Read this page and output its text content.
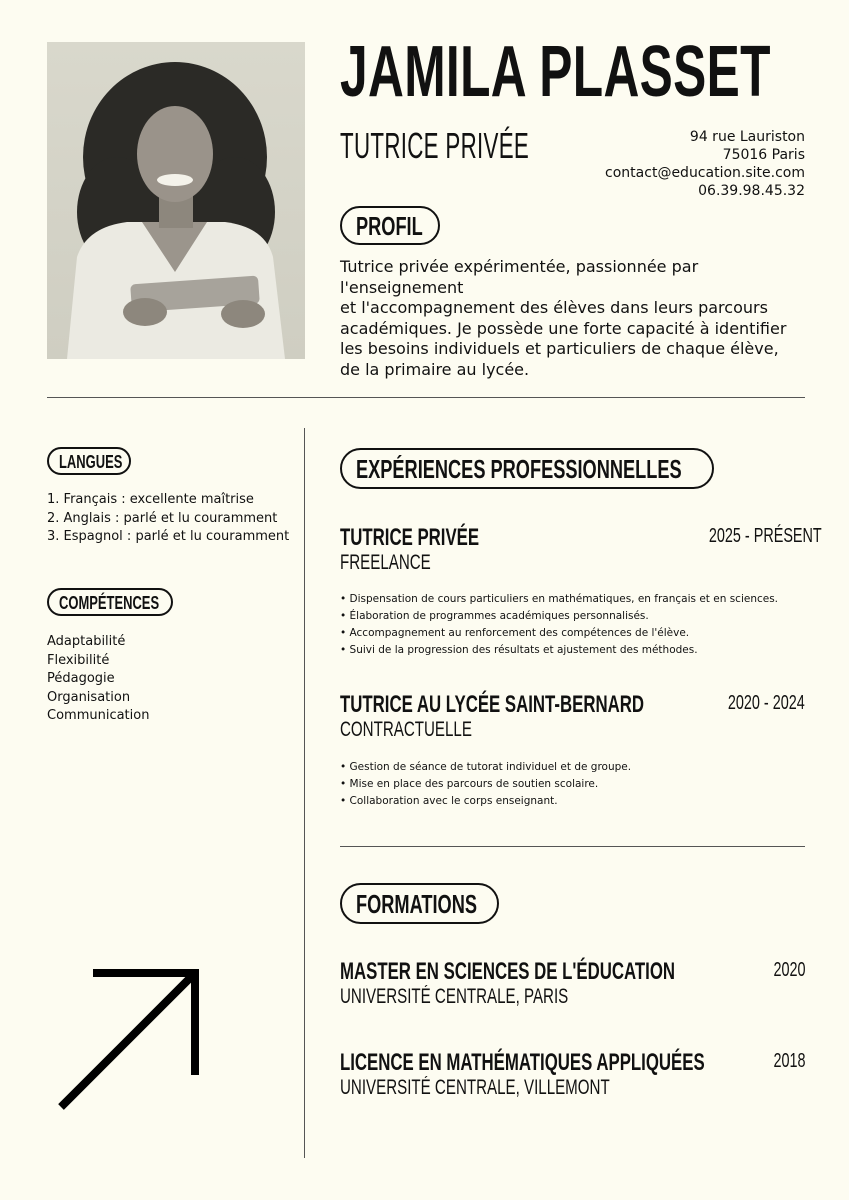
JAMILA PLASSET
TUTRICE PRIVÉE	94 rue Lauriston
75016 Paris
contact@education.site.com
06.39.98.45.32
PROFIL
Tutrice privée expérimentée, passionnée par l'enseignement
et l'accompagnement des élèves dans leurs parcours
académiques. Je possède une forte capacité à identifier
les besoins individuels et particuliers de chaque élève,
de la primaire au lycée.
LANGUES
1. Français : excellente maîtrise
2. Anglais : parlé et lu couramment
3. Espagnol : parlé et lu couramment
COMPÉTENCES
Adaptabilité
Flexibilité
Pédagogie
Organisation
Communication
EXPÉRIENCES PROFESSIONNELLES
TUTRICE PRIVÉE
FREELANCE
2025 - PRÉSENT
• Dispensation de cours particuliers en mathématiques, en français et en sciences.
• Élaboration de programmes académiques personnalisés.
• Accompagnement au renforcement des compétences de l'élève.
• Suivi de la progression des résultats et ajustement des méthodes.
TUTRICE AU LYCÉE SAINT-BERNARD
CONTRACTUELLE
2020 - 2024
• Gestion de séance de tutorat individuel et de groupe.
• Mise en place des parcours de soutien scolaire.
• Collaboration avec le corps enseignant.
FORMATIONS
MASTER EN SCIENCES DE L'ÉDUCATION
UNIVERSITÉ CENTRALE, PARIS
2020
LICENCE EN MATHÉMATIQUES APPLIQUÉES
UNIVERSITÉ CENTRALE, VILLEMONT
2018
